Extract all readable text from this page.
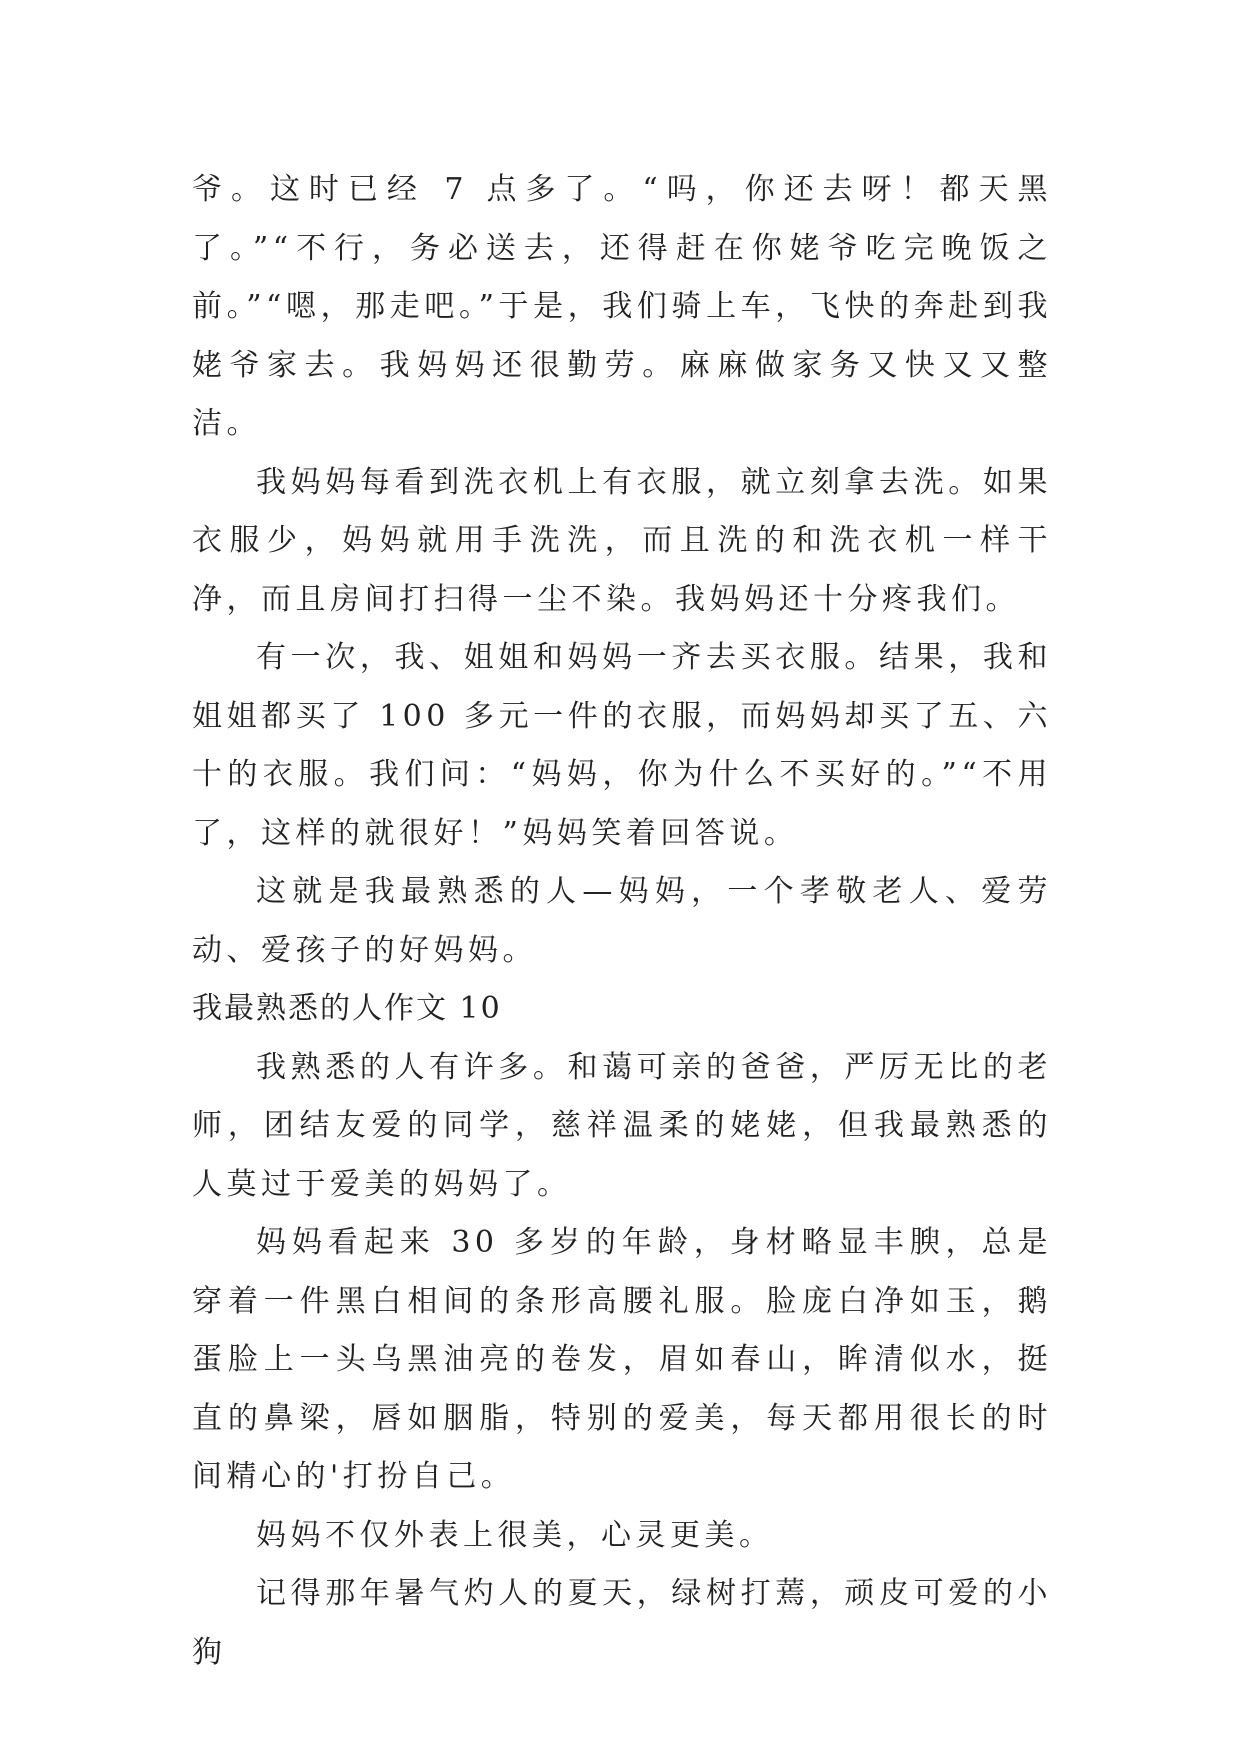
爷。这时已经 7 点多了。“吗，你还去呀！都天黑了。”“不行，务必送去，还得赶在你姥爷吃完晚饭之前。”“嗯，那走吧。”于是，我们骑上车，飞快的奔赴到我姥爷家去。我妈妈还很勤劳。麻麻做家务又快又又整洁。

我妈妈每看到洗衣机上有衣服，就立刻拿去洗。如果衣服少，妈妈就用手洗洗，而且洗的和洗衣机一样干净，而且房间打扫得一尘不染。我妈妈还十分疼我们。

有一次，我、姐姐和妈妈一齐去买衣服。结果，我和姐姐都买了 100 多元一件的衣服，而妈妈却买了五、六十的衣服。我们问：“妈妈，你为什么不买好的。”“不用了，这样的就很好！”妈妈笑着回答说。

这就是我最熟悉的人—妈妈，一个孝敬老人、爱劳动、爱孩子的好妈妈。

我最熟悉的人作文 10

我熟悉的人有许多。和蔼可亲的爸爸，严厉无比的老师，团结友爱的同学，慈祥温柔的姥姥，但我最熟悉的人莫过于爱美的妈妈了。

妈妈看起来 30 多岁的年龄，身材略显丰腴，总是穿着一件黑白相间的条形高腰礼服。脸庞白净如玉，鹅蛋脸上一头乌黑油亮的卷发，眉如春山，眸清似水，挺直的鼻梁，唇如胭脂，特别的爱美，每天都用很长的时间精心的'打扮自己。

妈妈不仅外表上很美，心灵更美。

记得那年暑气灼人的夏天，绿树打蔫，顽皮可爱的小狗
